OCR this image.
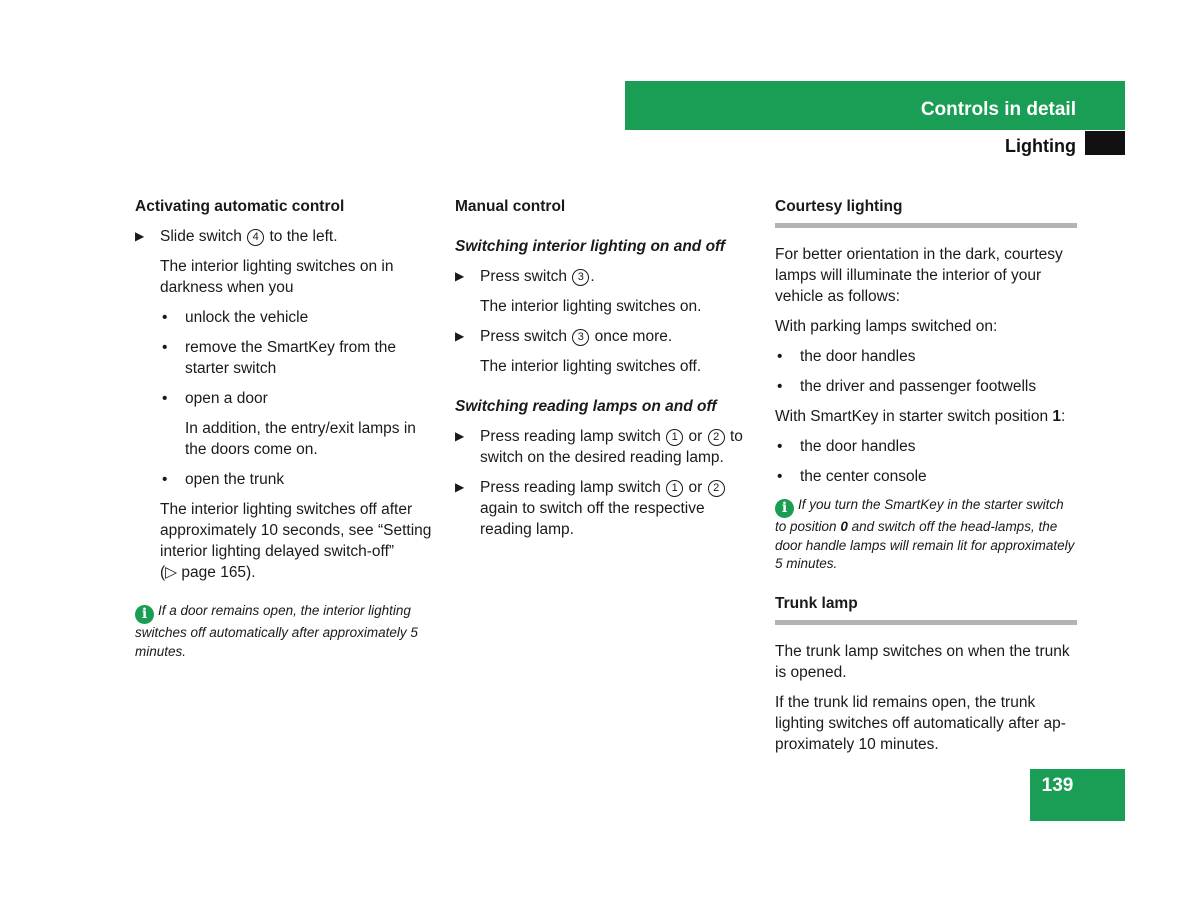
Controls in detail
Lighting
Activating automatic control
▶ Slide switch 4 to the left.

The interior lighting switches on in darkness when you

• unlock the vehicle
• remove the SmartKey from the starter switch
• open a door

In addition, the entry/exit lamps in the doors come on.

• open the trunk

The interior lighting switches off after approximately 10 seconds, see “Setting interior lighting delayed switch-off” (▷ page 165).

i If a door remains open, the interior lighting switches off automatically after approximately 5 minutes.
Manual control
Switching interior lighting on and off
▶ Press switch 3 .

The interior lighting switches on.

▶ Press switch 3 once more.

The interior lighting switches off.

Switching reading lamps on and off
▶ Press reading lamp switch 1 or 2 to switch on the desired reading lamp.
▶ Press reading lamp switch 1 or 2 again to switch off the respective reading lamp.
Courtesy lighting

For better orientation in the dark, courtesy lamps will illuminate the interior of your vehicle as follows:

With parking lamps switched on:

• the door handles
• the driver and passenger footwells

With SmartKey in starter switch position 1:

• the door handles
• the center console
i If you turn the SmartKey in the starter switch to position 0 and switch off the head-lamps, the door handle lamps will remain lit for approximately 5 minutes.
Trunk lamp

The trunk lamp switches on when the trunk is opened.

If the trunk lid remains open, the trunk lighting switches off automatically after ap-proximately 10 minutes.

139
